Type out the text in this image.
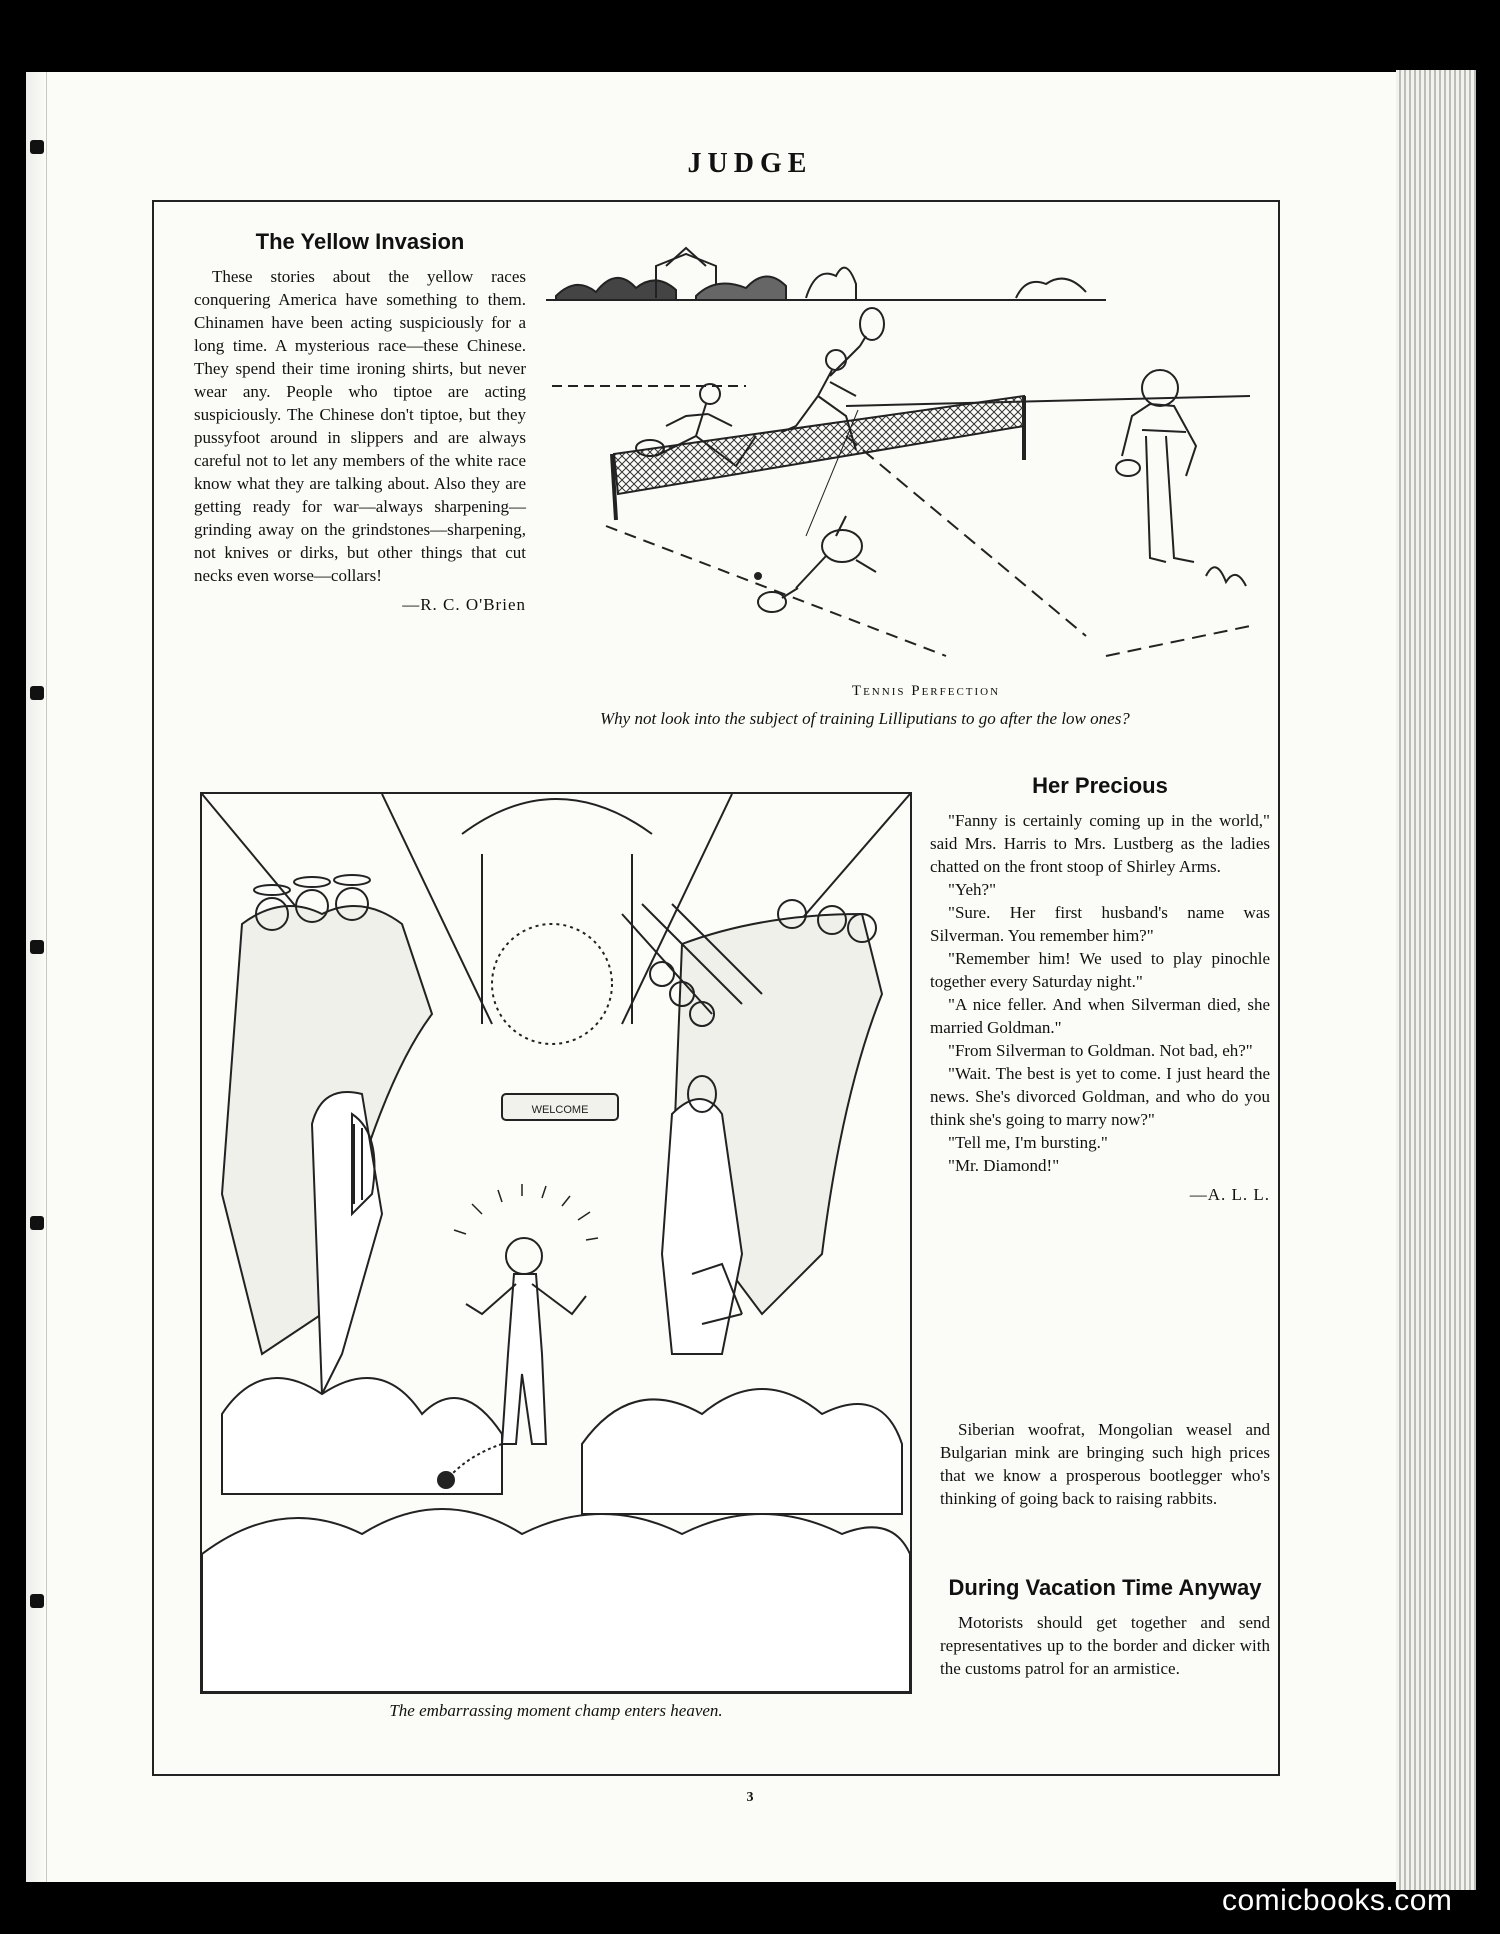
JUDGE
The Yellow Invasion

These stories about the yellow races conquering America have something to them. Chinamen have been acting suspiciously for a long time. A mysterious race—these Chinese. They spend their time ironing shirts, but never wear any. People who tiptoe are acting suspiciously. The Chinese don't tiptoe, but they pussyfoot around in slippers and are always careful not to let any members of the white race know what they are talking about. Also they are getting ready for war—always sharpening—grinding away on the grindstones—sharpening, not knives or dirks, but other things that cut necks even worse—collars!

—R. C. O'Brien
Tennis Perfection
Why not look into the subject of training Lilliputians to go after the low ones?
WELCOME
The embarrassing moment champ enters heaven.
Her Precious

"Fanny is certainly coming up in the world," said Mrs. Harris to Mrs. Lustberg as the ladies chatted on the front stoop of Shirley Arms.

"Yeh?"

"Sure. Her first husband's name was Silverman. You remember him?"

"Remember him! We used to play pinochle together every Saturday night."

"A nice feller. And when Silverman died, she married Goldman."

"From Silverman to Goldman. Not bad, eh?"

"Wait. The best is yet to come. I just heard the news. She's divorced Goldman, and who do you think she's going to marry now?"

"Tell me, I'm bursting."

"Mr. Diamond!"

—A. L. L.

Siberian woofrat, Mongolian weasel and Bulgarian mink are bringing such high prices that we know a prosperous bootlegger who's thinking of going back to raising rabbits.

During Vacation Time Anyway

Motorists should get together and send representatives up to the border and dicker with the customs patrol for an armistice.

3
comicbooks.com
